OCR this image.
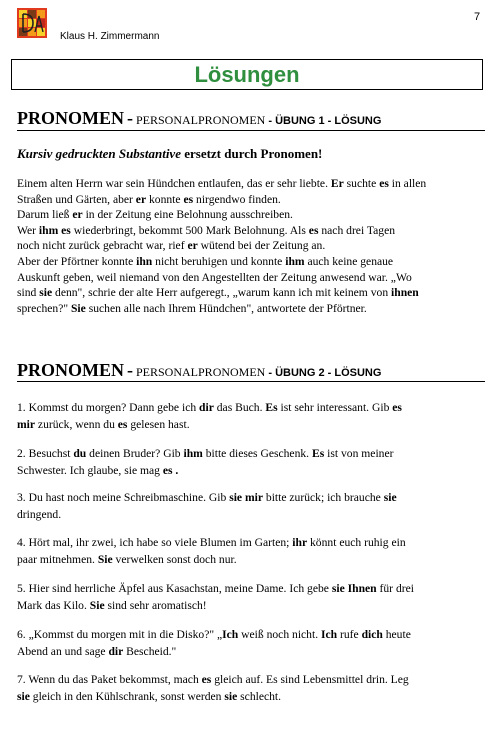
Klaus H. Zimmermann
7
Lösungen
PRONOMEN - PERSONALPRONOMEN - ÜBUNG 1 - LÖSUNG
Kursiv gedruckten Substantive ersetzt durch Pronomen!
Einem alten Herrn war sein Hündchen entlaufen, das er sehr liebte. Er suchte es in allen
Straßen und Gärten, aber er konnte es nirgendwo finden.
Darum ließ er in der Zeitung eine Belohnung ausschreiben.
Wer ihm es wiederbringt, bekommt 500 Mark Belohnung. Als es nach drei Tagen
noch nicht zurück gebracht war, rief er wütend bei der Zeitung an.
Aber der Pförtner konnte ihn nicht beruhigen und konnte ihm auch keine genaue
Auskunft geben, weil niemand von den Angestellten der Zeitung anwesend war. „Wo
sind sie denn", schrie der alte Herr aufgeregt., „warum kann ich mit keinem von ihnen
sprechen?" Sie suchen alle nach Ihrem Hündchen", antwortete der Pförtner.
PRONOMEN - PERSONALPRONOMEN - ÜBUNG 2 - LÖSUNG
1. Kommst du morgen? Dann gebe ich dir das Buch. Es ist sehr interessant. Gib es
mir zurück, wenn du es gelesen hast.
2. Besuchst du deinen Bruder? Gib ihm bitte dieses Geschenk. Es ist von meiner
Schwester. Ich glaube, sie mag es .
3. Du hast noch meine Schreibmaschine. Gib sie mir bitte zurück; ich brauche sie
dringend.
4. Hört mal, ihr zwei, ich habe so viele Blumen im Garten; ihr könnt euch ruhig ein
paar mitnehmen. Sie verwelken sonst doch nur.
5. Hier sind herrliche Äpfel aus Kasachstan, meine Dame. Ich gebe sie Ihnen für drei
Mark das Kilo. Sie sind sehr aromatisch!
6. „Kommst du morgen mit in die Disko?" „Ich weiß noch nicht. Ich rufe dich heute
Abend an und sage dir Bescheid."
7. Wenn du das Paket bekommst, mach es gleich auf. Es sind Lebensmittel drin. Leg
sie gleich in den Kühlschrank, sonst werden sie schlecht.
